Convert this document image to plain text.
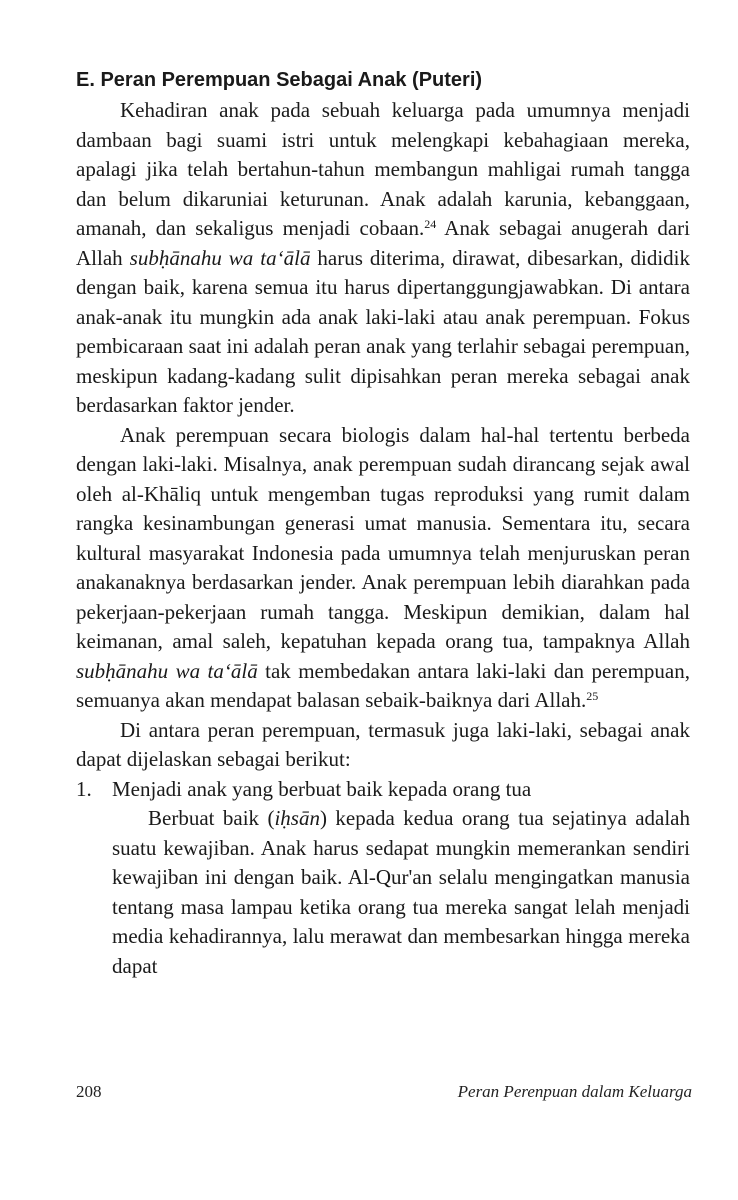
E. Peran Perempuan Sebagai Anak (Puteri)

Kehadiran anak pada sebuah keluarga pada umumnya menjadi dambaan bagi suami istri untuk melengkapi kebahagiaan mereka, apalagi jika telah bertahun-tahun membangun mahligai rumah tangga dan belum dikaruniai keturunan. Anak adalah karunia, kebanggaan, amanah, dan sekaligus menjadi cobaan.$^{24}$ Anak sebagai anugerah dari Allah subḥānahu wa ta‘ālā harus diterima, dirawat, dibesarkan, dididik dengan baik, karena semua itu harus dipertanggungjawabkan. Di antara anak-anak itu mungkin ada anak laki-laki atau anak perempuan. Fokus pembicaraan saat ini adalah peran anak yang terlahir sebagai perempuan, meskipun kadang-kadang sulit dipisahkan peran mereka sebagai anak berdasarkan faktor jender.

Anak perempuan secara biologis dalam hal-hal tertentu berbeda dengan laki-laki. Misalnya, anak perempuan sudah dirancang sejak awal oleh al-Khāliq untuk mengemban tugas reproduksi yang rumit dalam rangka kesinambungan generasi umat manusia. Sementara itu, secara kultural masyarakat Indonesia pada umumnya telah menjuruskan peran anakanaknya berdasarkan jender. Anak perempuan lebih diarahkan pada pekerjaan-pekerjaan rumah tangga. Meskipun demikian, dalam hal keimanan, amal saleh, kepatuhan kepada orang tua, tampaknya Allah subḥānahu wa ta‘ālā tak membedakan antara laki-laki dan perempuan, semuanya akan mendapat balasan sebaik-baiknya dari Allah.$^{25}$

Di antara peran perempuan, termasuk juga laki-laki, sebagai anak dapat dijelaskan sebagai berikut:

1. Menjadi anak yang berbuat baik kepada orang tua

Berbuat baik (iḥsān) kepada kedua orang tua sejatinya adalah suatu kewajiban. Anak harus sedapat mungkin memerankan sendiri kewajiban ini dengan baik. Al-Qur'an selalu mengingatkan manusia tentang masa lampau ketika orang tua mereka sangat lelah menjadi media kehadirannya, lalu merawat dan membesarkan hingga mereka dapat

208	Peran Perenpuan dalam Keluarga
